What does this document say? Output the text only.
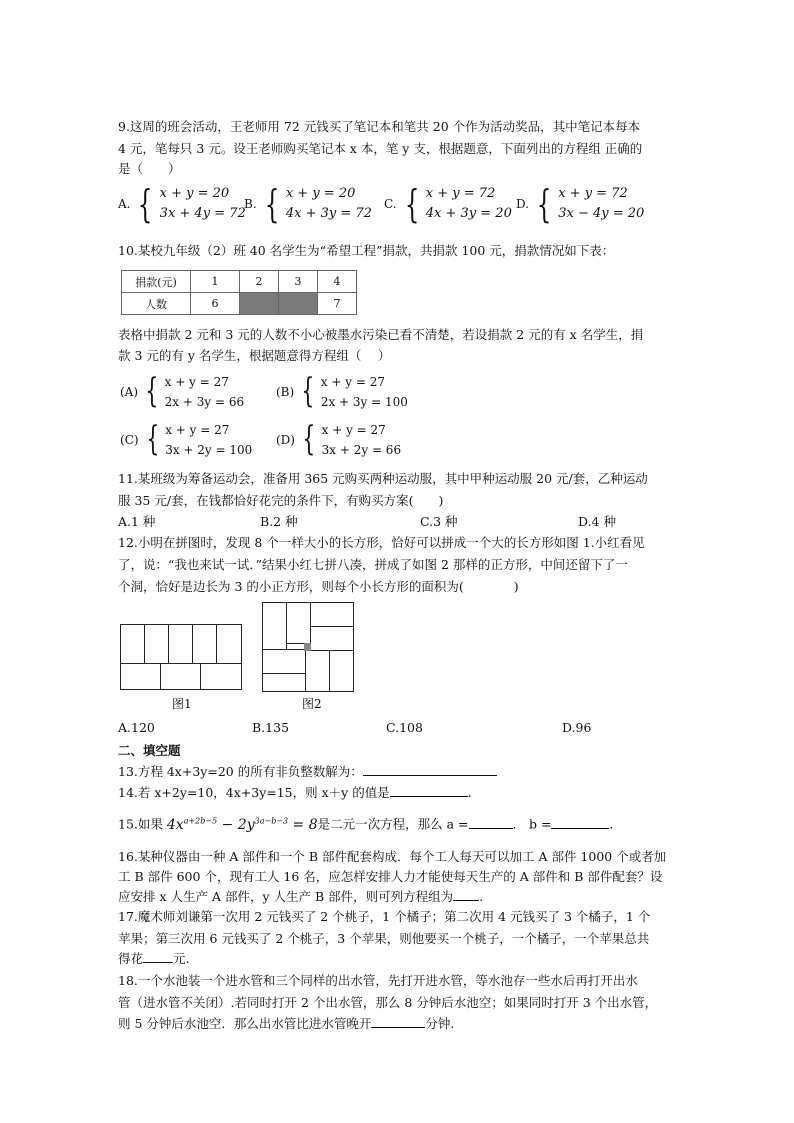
9.这周的班会活动，王老师用 72 元钱买了笔记本和笔共 20 个作为活动奖品，其中笔记本每本
4 元，笔每只 3 元。设王老师购买笔记本 x 本，笔 y 支，根据题意，下面列出的方程组 正确的
是（　　）
A. { x + y = 20
3x + 4y = 72
B. { x + y = 20
4x + 3y = 72
C. { x + y = 72
4x + 3y = 20
D. { x + y = 72
3x − 4y = 20
10.某校九年级（2）班 40 名学生为“希望工程”捐款，共捐款 100 元，捐款情况如下表：
捐款(元)	1	2	3	4
人数	6			7
表格中捐款 2 元和 3 元的人数不小心被墨水污染已看不清楚，若设捐款 2 元的有 x 名学生，捐
款 3 元的有 y 名学生，根据题意得方程组（　 ）
(A) { x + y = 27
2x + 3y = 66
(B) { x + y = 27
2x + 3y = 100
(C) { x + y = 27
3x + 2y = 100
(D) { x + y = 27
3x + 2y = 66
11.某班级为筹备运动会，准备用 365 元购买两种运动服，其中甲种运动服 20 元/套，乙种运动
服 35 元/套，在钱都恰好花完的条件下，有购买方案(　　)
A.1 种	B.2 种	C.3 种	D.4 种
12.小明在拼图时，发现 8 个一样大小的长方形，恰好可以拼成一个大的长方形如图 1.小红看见
了，说：“我也来试一试．”结果小红七拼八凑，拼成了如图 2 那样的正方形，中间还留下了一
个洞，恰好是边长为 3 的小正方形，则每个小长方形的面积为(　　　　)
图1	图2
A.120	B.135	C.108	D.96
二、填空题
13.方程 4x+3y=20 的所有非负整数解为：
14.若 x+2y=10，4x+3y=15，则 x＋y 的值是	.
15.如果 $4x^{a+2b-5} - 2y^{3a-b-3} = 8$是二元一次方程，那么 a =	． b =	．
16.某种仪器由一种 A 部件和一个 B 部件配套构成．每个工人每天可以加工 A 部件 1000 个或者加
工 B 部件 600 个，现有工人 16 名，应怎样安排人力才能使每天生产的 A 部件和 B 部件配套？设
应安排 x 人生产 A 部件，y 人生产 B 部件，则可列方程组为 .
17.魔术师刘谦第一次用 2 元钱买了 2 个桃子，1 个橘子；第二次用 4 元钱买了 3 个橘子，1 个
苹果；第三次用 6 元钱买了 2 个桃子，3 个苹果，则他要买一个桃子，一个橘子，一个苹果总共
得花 元.
18.一个水池装一个进水管和三个同样的出水管，先打开进水管，等水池存一些水后再打开出水
管（进水管不关闭）.若同时打开 2 个出水管，那么 8 分钟后水池空；如果同时打开 3 个出水管，
则 5 分钟后水池空．那么出水管比进水管晚开	分钟.
